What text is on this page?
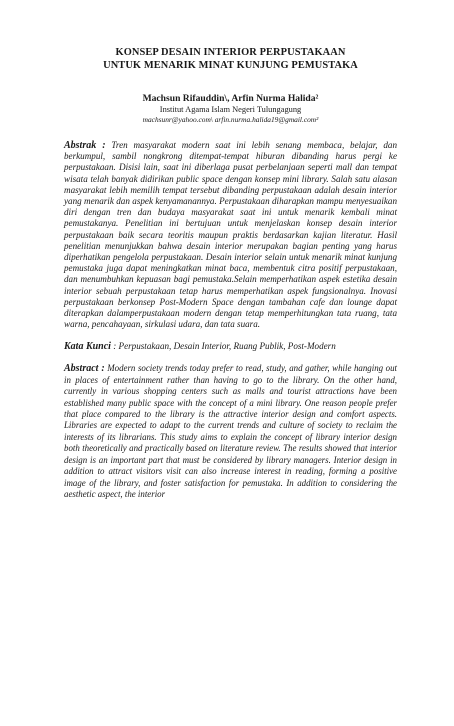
KONSEP DESAIN INTERIOR PERPUSTAKAAN
UNTUK MENARIK MINAT KUNJUNG PEMUSTAKA
Machsun Rifauddin\, Arfin Nurma Halida²
Institut Agama Islam Negeri Tulungagung
machsunr@yahoo.com\ arfin.nurma.halida19@gmail.com²
Abstrak : Tren masyarakat modern saat ini lebih senang membaca, belajar, dan berkumpul, sambil nongkrong ditempat-tempat hiburan dibanding harus pergi ke perpustakaan. Disisi lain, saat ini diberlaga pusat perbelanjaan seperti mall dan tempat wisata telah banyak didirikan public space dengan konsep mini library. Salah satu alasan masyarakat lebih memilih tempat tersebut dibanding perpustakaan adalah desain interior yang menarik dan aspek kenyamanannya. Perpustakaan diharapkan mampu menyesuaikan diri dengan tren dan budaya masyarakat saat ini untuk menarik kembali minat pemustakanya. Penelitian ini bertujuan untuk menjelaskan konsep desain interior perpustakaan baik secara teoritis maupun praktis berdasarkan kajian literatur. Hasil penelitian menunjukkan bahwa desain interior merupakan bagian penting yang harus diperhatikan pengelola perpustakaan. Desain interior selain untuk menarik minat kunjung pemustaka juga dapat meningkatkan minat baca, membentuk citra positif perpustakaan, dan menumbuhkan kepuasan bagi pemustaka.Selain memperhatikan aspek estetika desain interior sebuah perpustakaan tetap harus memperhatikan aspek fungsionalnya. Inovasi perpustakaan berkonsep Post-Modern Space dengan tambahan cafe dan lounge dapat diterapkan dalamperpustakaan modern dengan tetap memperhitungkan tata ruang, tata warna, pencahayaan, sirkulasi udara, dan tata suara.
Kata Kunci : Perpustakaan, Desain Interior, Ruang Publik, Post-Modern
Abstract : Modern society trends today prefer to read, study, and gather, while hanging out in places of entertainment rather than having to go to the library. On the other hand, currently in various shopping centers such as malls and tourist attractions have been established many public space with the concept of a mini library. One reason people prefer that place compared to the library is the attractive interior design and comfort aspects. Libraries are expected to adapt to the current trends and culture of society to reclaim the interests of its librarians. This study aims to explain the concept of library interior design both theoretically and practically based on literature review. The results showed that interior design is an important part that must be considered by library managers. Interior design in addition to attract visitors visit can also increase interest in reading, forming a positive image of the library, and foster satisfaction for pemustaka. In addition to considering the aesthetic aspect, the interior
